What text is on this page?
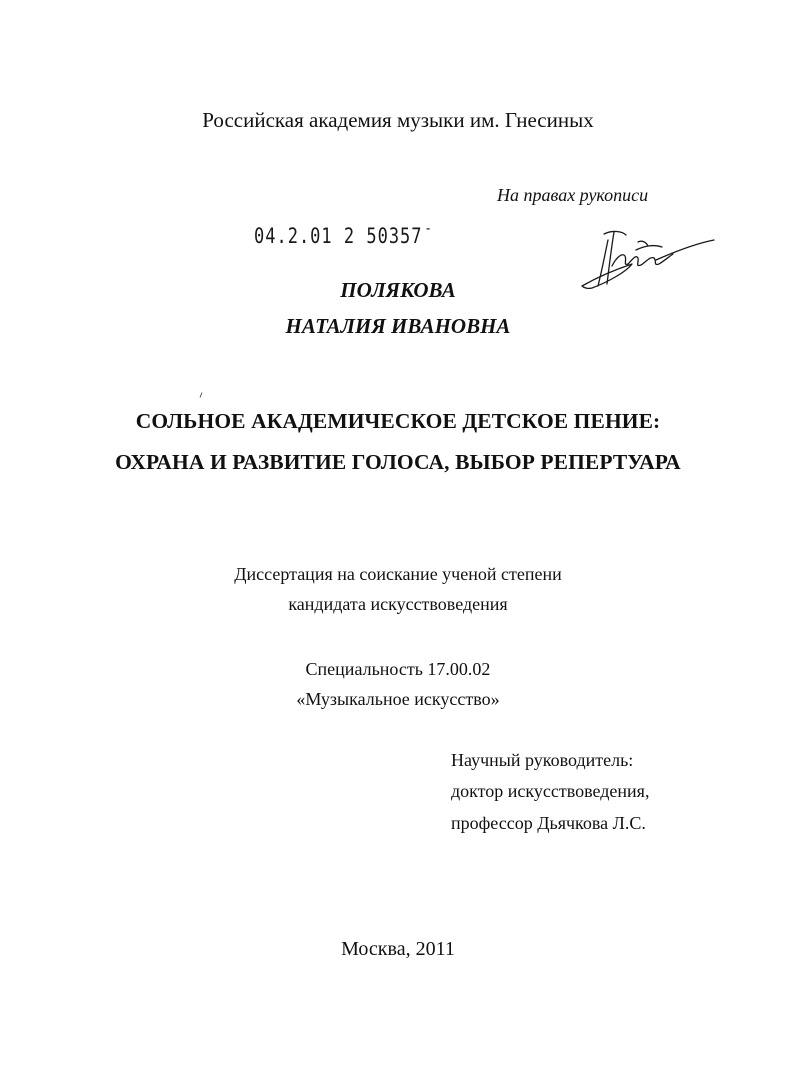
Российская академия музыки им. Гнесиных

На правах рукописи

04.2.01 2 50357 -

ПОЛЯКОВА

НАТАЛИЯ ИВАНОВНА

СОЛЬНОЕ АКАДЕМИЧЕСКОЕ ДЕТСКОЕ ПЕНИЕ:

ОХРАНА И РАЗВИТИЕ ГОЛОСА, ВЫБОР РЕПЕРТУАРА

Диссертация на соискание ученой степени

кандидата искусствоведения

Специальность 17.00.02

«Музыкальное искусство»

Научный руководитель:

доктор искусствоведения,

профессор Дьячкова Л.С.

Москва, 2011
